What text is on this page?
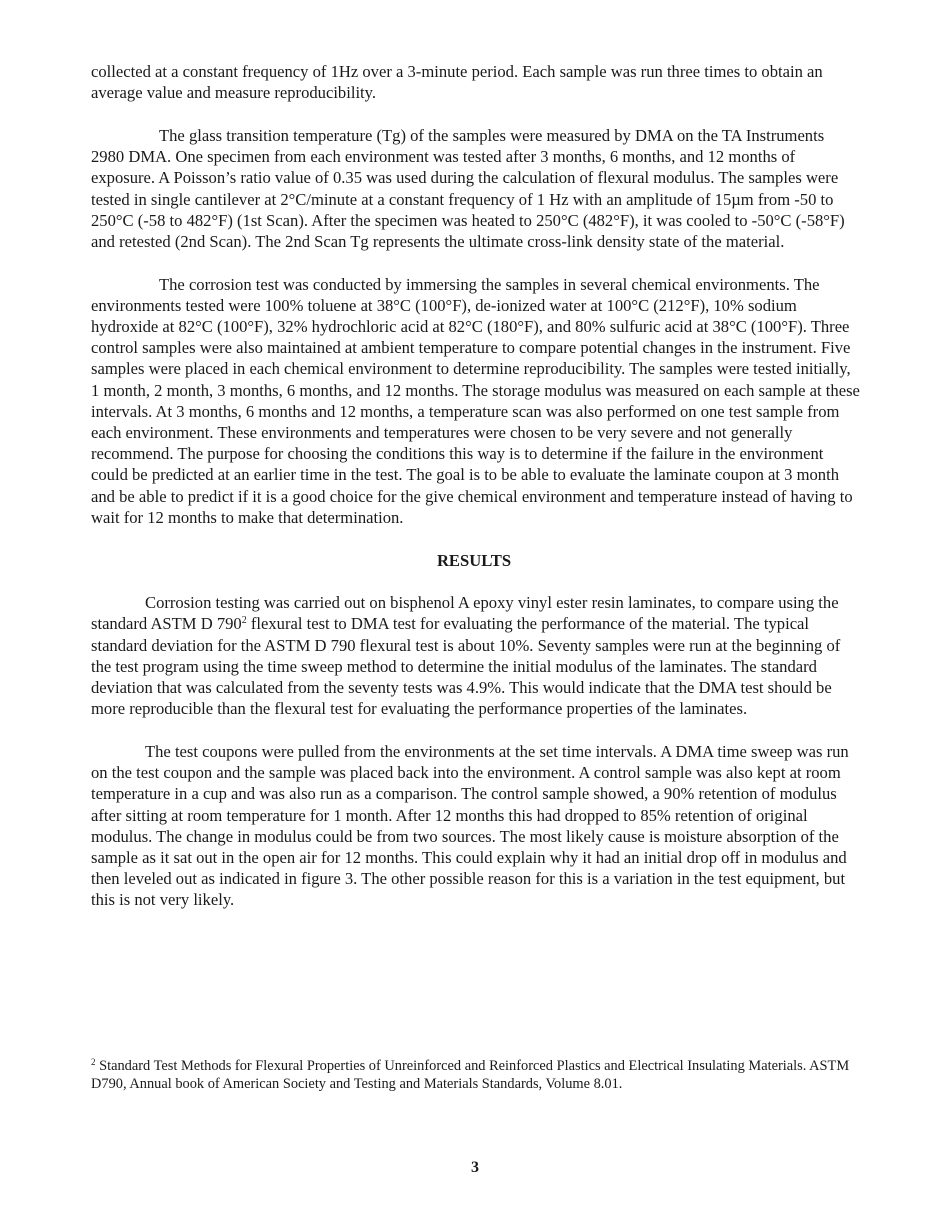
collected at a constant frequency of 1Hz over a 3-minute period. Each sample was run three times to obtain an average value and measure reproducibility.

The glass transition temperature (Tg) of the samples were measured by DMA on the TA Instruments 2980 DMA. One specimen from each environment was tested after 3 months, 6 months, and 12 months of exposure. A Poisson’s ratio value of 0.35 was used during the calculation of flexural modulus. The samples were tested in single cantilever at 2°C/minute at a constant frequency of 1 Hz with an amplitude of 15µm from -50 to 250°C (-58 to 482°F) (1st Scan). After the specimen was heated to 250°C (482°F), it was cooled to -50°C (-58°F) and retested (2nd Scan). The 2nd Scan Tg represents the ultimate cross-link density state of the material.

The corrosion test was conducted by immersing the samples in several chemical environments. The environments tested were 100% toluene at 38°C (100°F), de-ionized water at 100°C (212°F), 10% sodium hydroxide at 82°C (100°F), 32% hydrochloric acid at 82°C (180°F), and 80% sulfuric acid at 38°C (100°F). Three control samples were also maintained at ambient temperature to compare potential changes in the instrument. Five samples were placed in each chemical environment to determine reproducibility. The samples were tested initially, 1 month, 2 month, 3 months, 6 months, and 12 months. The storage modulus was measured on each sample at these intervals. At 3 months, 6 months and 12 months, a temperature scan was also performed on one test sample from each environment. These environments and temperatures were chosen to be very severe and not generally recommend. The purpose for choosing the conditions this way is to determine if the failure in the environment could be predicted at an earlier time in the test. The goal is to be able to evaluate the laminate coupon at 3 month and be able to predict if it is a good choice for the give chemical environment and temperature instead of having to wait for 12 months to make that determination.

RESULTS

Corrosion testing was carried out on bisphenol A epoxy vinyl ester resin laminates, to compare using the standard ASTM D $790^2$ flexural test to DMA test for evaluating the performance of the material. The typical standard deviation for the ASTM D 790 flexural test is about 10%. Seventy samples were run at the beginning of the test program using the time sweep method to determine the initial modulus of the laminates. The standard deviation that was calculated from the seventy tests was 4.9%. This would indicate that the DMA test should be more reproducible than the flexural test for evaluating the performance properties of the laminates.

The test coupons were pulled from the environments at the set time intervals. A DMA time sweep was run on the test coupon and the sample was placed back into the environment. A control sample was also kept at room temperature in a cup and was also run as a comparison. The control sample showed, a 90% retention of modulus after sitting at room temperature for 1 month. After 12 months this had dropped to 85% retention of original modulus. The change in modulus could be from two sources. The most likely cause is moisture absorption of the sample as it sat out in the open air for 12 months. This could explain why it had an initial drop off in modulus and then leveled out as indicated in figure 3. The other possible reason for this is a variation in the test equipment, but this is not very likely.

$^2$ Standard Test Methods for Flexural Properties of Unreinforced and Reinforced Plastics and Electrical Insulating Materials. ASTM D790, Annual book of American Society and Testing and Materials Standards, Volume 8.01.

3
